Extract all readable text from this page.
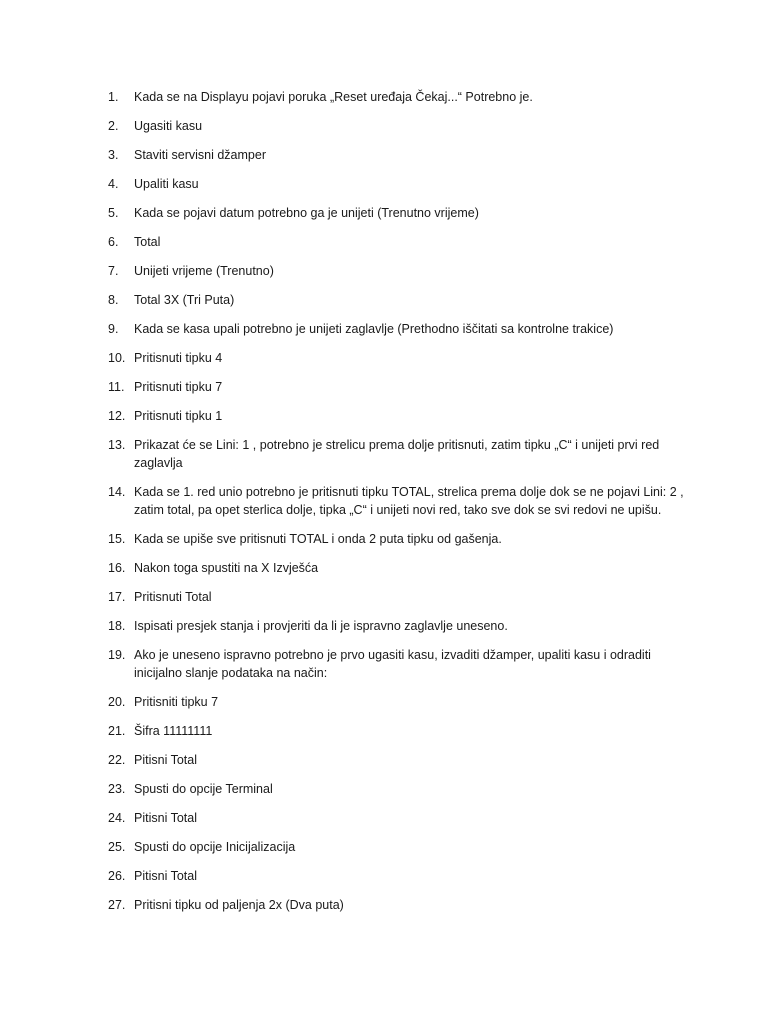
1.	Kada se na Displayu pojavi poruka „Reset uređaja Čekaj...“ Potrebno je.
2.	Ugasiti kasu
3.	Staviti servisni džamper
4.	Upaliti kasu
5.	Kada se pojavi datum potrebno ga je unijeti (Trenutno vrijeme)
6.	Total
7.	Unijeti vrijeme (Trenutno)
8.	Total 3X (Tri Puta)
9.	Kada se kasa upali potrebno je unijeti zaglavlje (Prethodno iščitati sa kontrolne trakice)
10. Pritisnuti tipku 4
11. Pritisnuti tipku 7
12. Pritisnuti tipku 1
13. Prikazat će se Lini: 1 , potrebno je strelicu prema dolje pritisnuti, zatim tipku „C“ i unijeti prvi red zaglavlja
14. Kada se 1. red unio potrebno je pritisnuti tipku TOTAL, strelica prema dolje dok se ne pojavi Lini: 2 , zatim total, pa opet sterlica dolje, tipka „C“ i unijeti novi red, tako sve dok se svi redovi ne upišu.
15. Kada se upiše sve pritisnuti TOTAL i onda 2 puta tipku od gašenja.
16. Nakon toga spustiti na X Izvješća
17. Pritisnuti Total
18. Ispisati presjek stanja i provjeriti da li je ispravno zaglavlje uneseno.
19. Ako je uneseno ispravno potrebno je prvo ugasiti kasu, izvaditi džamper, upaliti kasu i odraditi inicijalno slanje podataka na način:
20. Pritisniti tipku 7
21. Šifra 11111111
22. Pitisni Total
23. Spusti do opcije Terminal
24. Pitisni Total
25. Spusti do opcije Inicijalizacija
26. Pitisni Total
27. Pritisni tipku od paljenja 2x (Dva puta)
